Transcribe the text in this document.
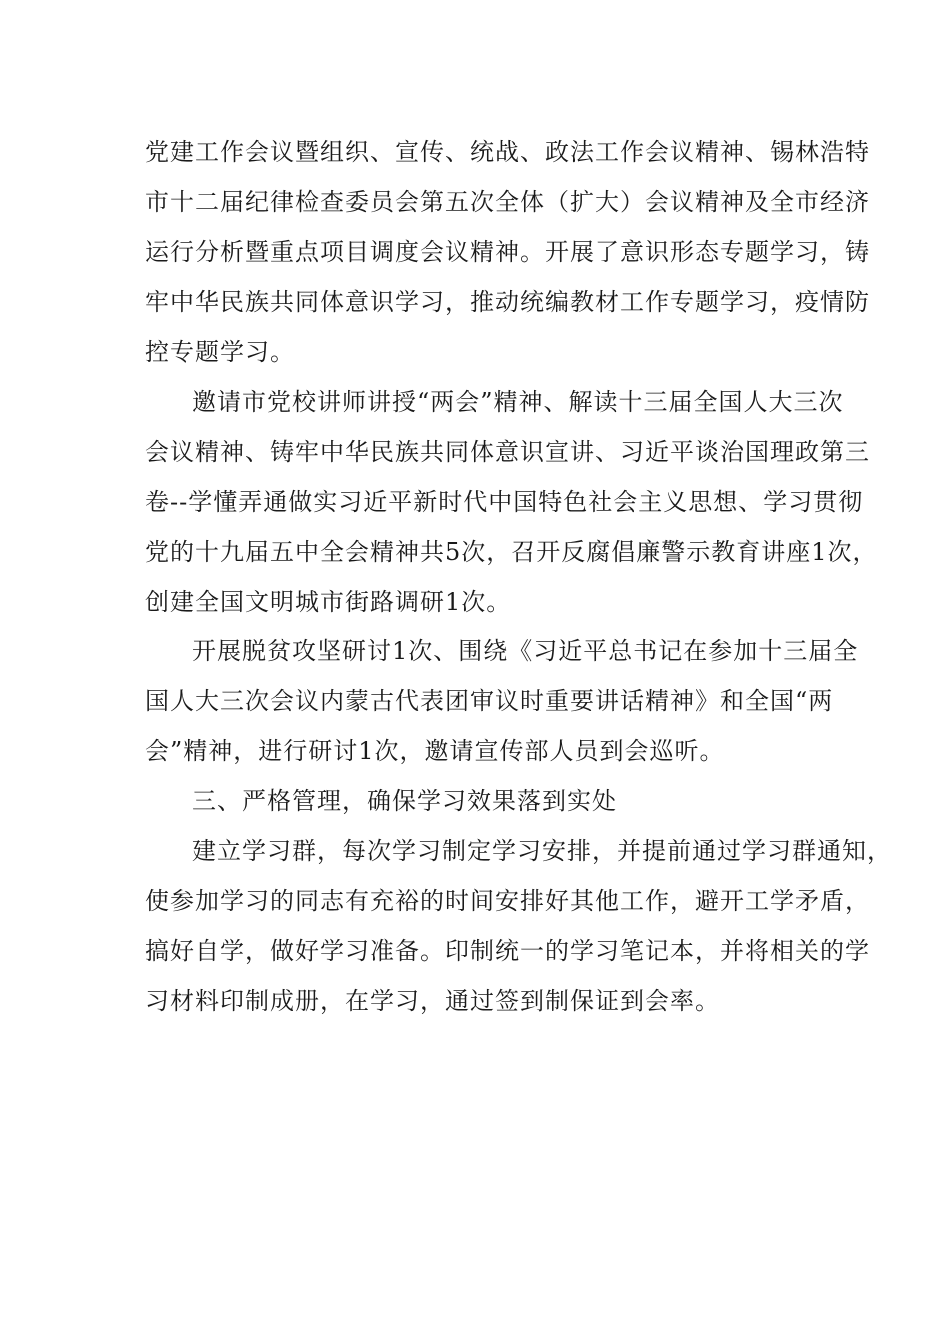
党建工作会议暨组织、宣传、统战、政法工作会议精神、锡林浩特

市十二届纪律检查委员会第五次全体（扩大）会议精神及全市经济

运行分析暨重点项目调度会议精神。开展了意识形态专题学习，铸

牢中华民族共同体意识学习，推动统编教材工作专题学习，疫情防

控专题学习。

邀请市党校讲师讲授“两会”精神、解读十三届全国人大三次

会议精神、铸牢中华民族共同体意识宣讲、习近平谈治国理政第三

卷--学懂弄通做实习近平新时代中国特色社会主义思想、学习贯彻

党的十九届五中全会精神共5次，召开反腐倡廉警示教育讲座1次，

创建全国文明城市街路调研1次。

开展脱贫攻坚研讨1次、围绕《习近平总书记在参加十三届全

国人大三次会议内蒙古代表团审议时重要讲话精神》和全国“两

会”精神，进行研讨1次，邀请宣传部人员到会巡听。

三、严格管理，确保学习效果落到实处

建立学习群，每次学习制定学习安排，并提前通过学习群通知，

使参加学习的同志有充裕的时间安排好其他工作，避开工学矛盾，

搞好自学，做好学习准备。印制统一的学习笔记本，并将相关的学

习材料印制成册，在学习，通过签到制保证到会率。
